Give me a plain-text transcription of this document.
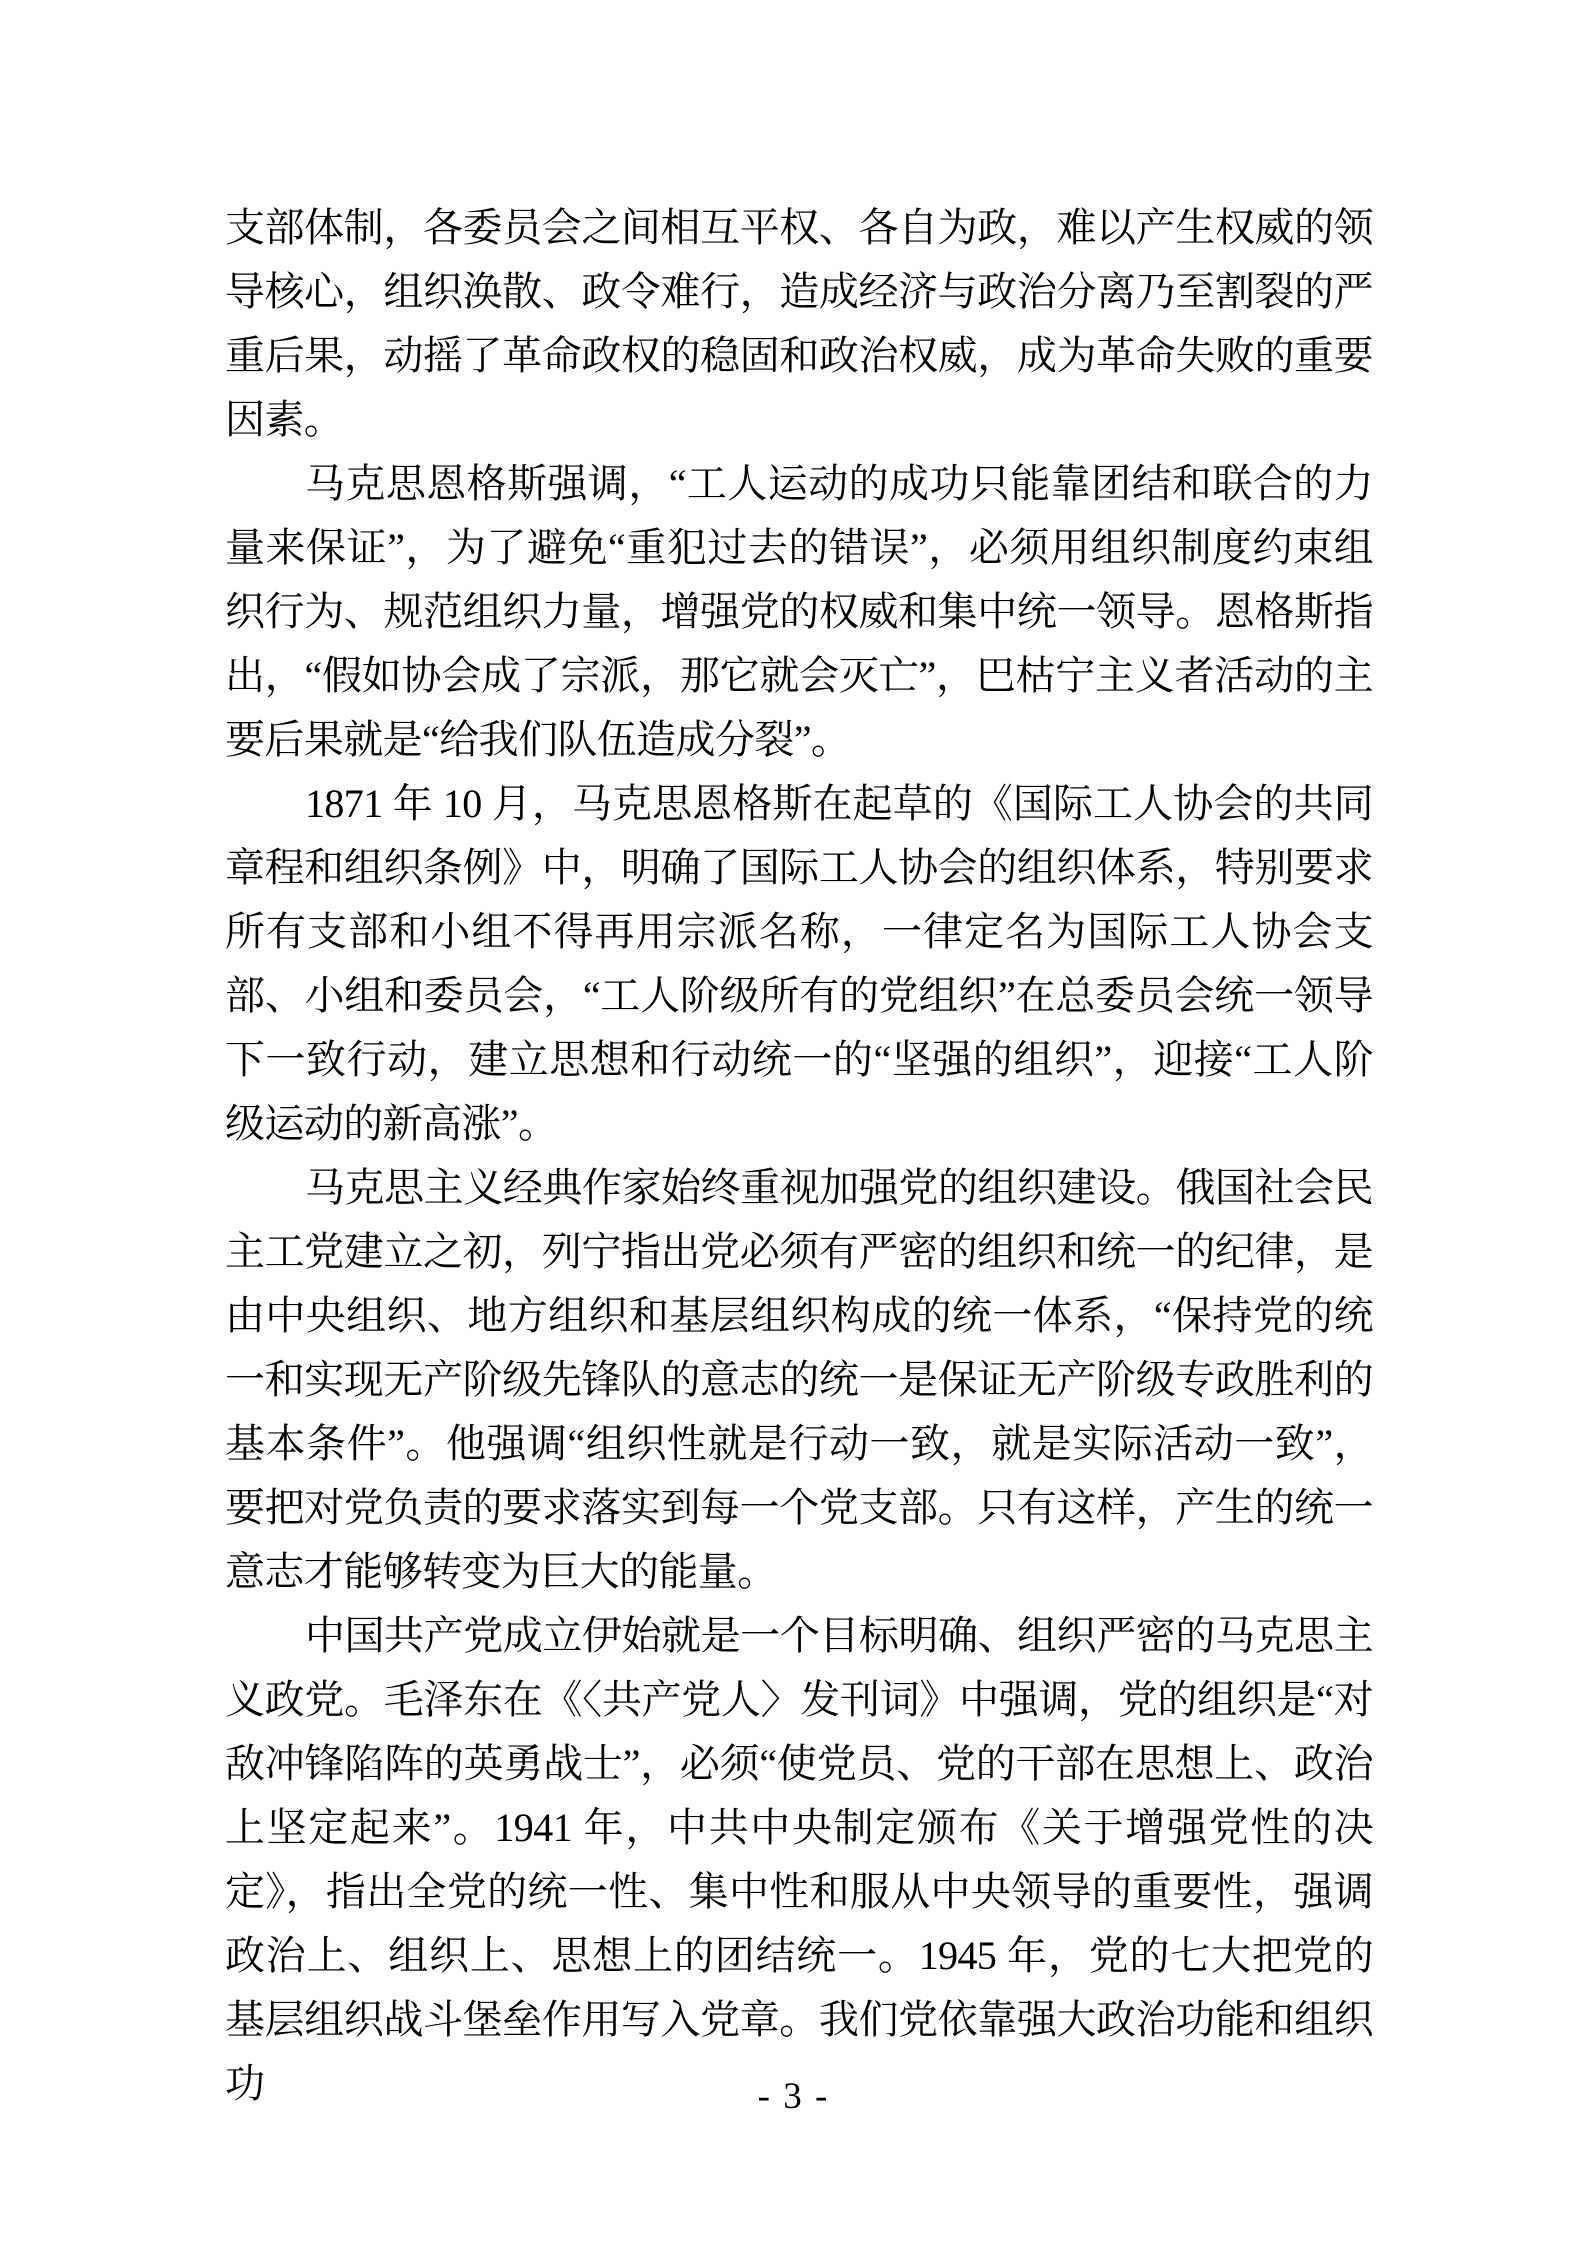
支部体制，各委员会之间相互平权、各自为政，难以产生权威的领导核心，组织涣散、政令难行，造成经济与政治分离乃至割裂的严重后果，动摇了革命政权的稳固和政治权威，成为革命失败的重要因素。

马克思恩格斯强调，“工人运动的成功只能靠团结和联合的力量来保证”，为了避免“重犯过去的错误”，必须用组织制度约束组织行为、规范组织力量，增强党的权威和集中统一领导。恩格斯指出，“假如协会成了宗派，那它就会灭亡”，巴枯宁主义者活动的主要后果就是“给我们队伍造成分裂”。

1871 年 10 月，马克思恩格斯在起草的《国际工人协会的共同章程和组织条例》中，明确了国际工人协会的组织体系，特别要求所有支部和小组不得再用宗派名称，一律定名为国际工人协会支部、小组和委员会，“工人阶级所有的党组织”在总委员会统一领导下一致行动，建立思想和行动统一的“坚强的组织”，迎接“工人阶级运动的新高涨”。

马克思主义经典作家始终重视加强党的组织建设。俄国社会民主工党建立之初，列宁指出党必须有严密的组织和统一的纪律，是由中央组织、地方组织和基层组织构成的统一体系，“保持党的统一和实现无产阶级先锋队的意志的统一是保证无产阶级专政胜利的基本条件”。他强调“组织性就是行动一致，就是实际活动一致”，要把对党负责的要求落实到每一个党支部。只有这样，产生的统一意志才能够转变为巨大的能量。

中国共产党成立伊始就是一个目标明确、组织严密的马克思主义政党。毛泽东在《〈共产党人〉发刊词》中强调，党的组织是“对敌冲锋陷阵的英勇战士”，必须“使党员、党的干部在思想上、政治上坚定起来”。1941 年，中共中央制定颁布《关于增强党性的决定》，指出全党的统一性、集中性和服从中央领导的重要性，强调政治上、组织上、思想上的团结统一。1945 年，党的七大把党的基层组织战斗堡垒作用写入党章。我们党依靠强大政治功能和组织功	- 3 -
